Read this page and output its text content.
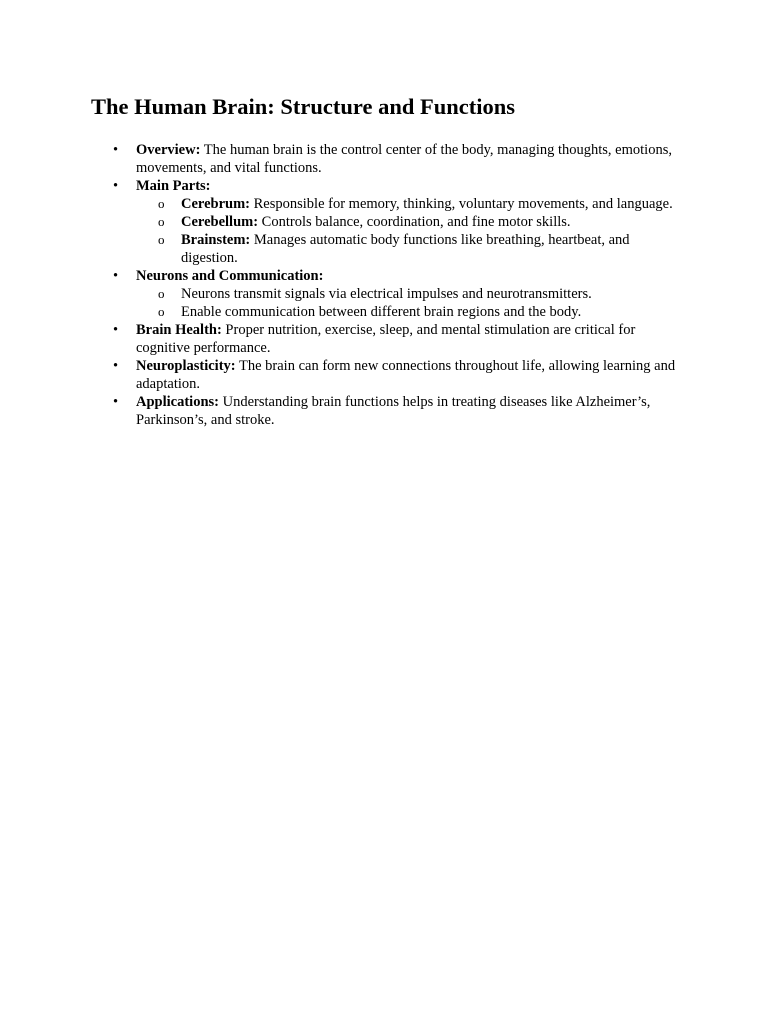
The Human Brain: Structure and Functions
•	Overview: The human brain is the control center of the body, managing thoughts, emotions, movements, and vital functions.
•	Main Parts:
o Cerebrum: Responsible for memory, thinking, voluntary movements, and language.
o Cerebellum: Controls balance, coordination, and fine motor skills.
o Brainstem: Manages automatic body functions like breathing, heartbeat, and digestion.
•	Neurons and Communication:
o Neurons transmit signals via electrical impulses and neurotransmitters.
o Enable communication between different brain regions and the body.
•	Brain Health: Proper nutrition, exercise, sleep, and mental stimulation are critical for cognitive performance.
•	Neuroplasticity: The brain can form new connections throughout life, allowing learning and adaptation.
•	Applications: Understanding brain functions helps in treating diseases like Alzheimer’s, Parkinson’s, and stroke.
